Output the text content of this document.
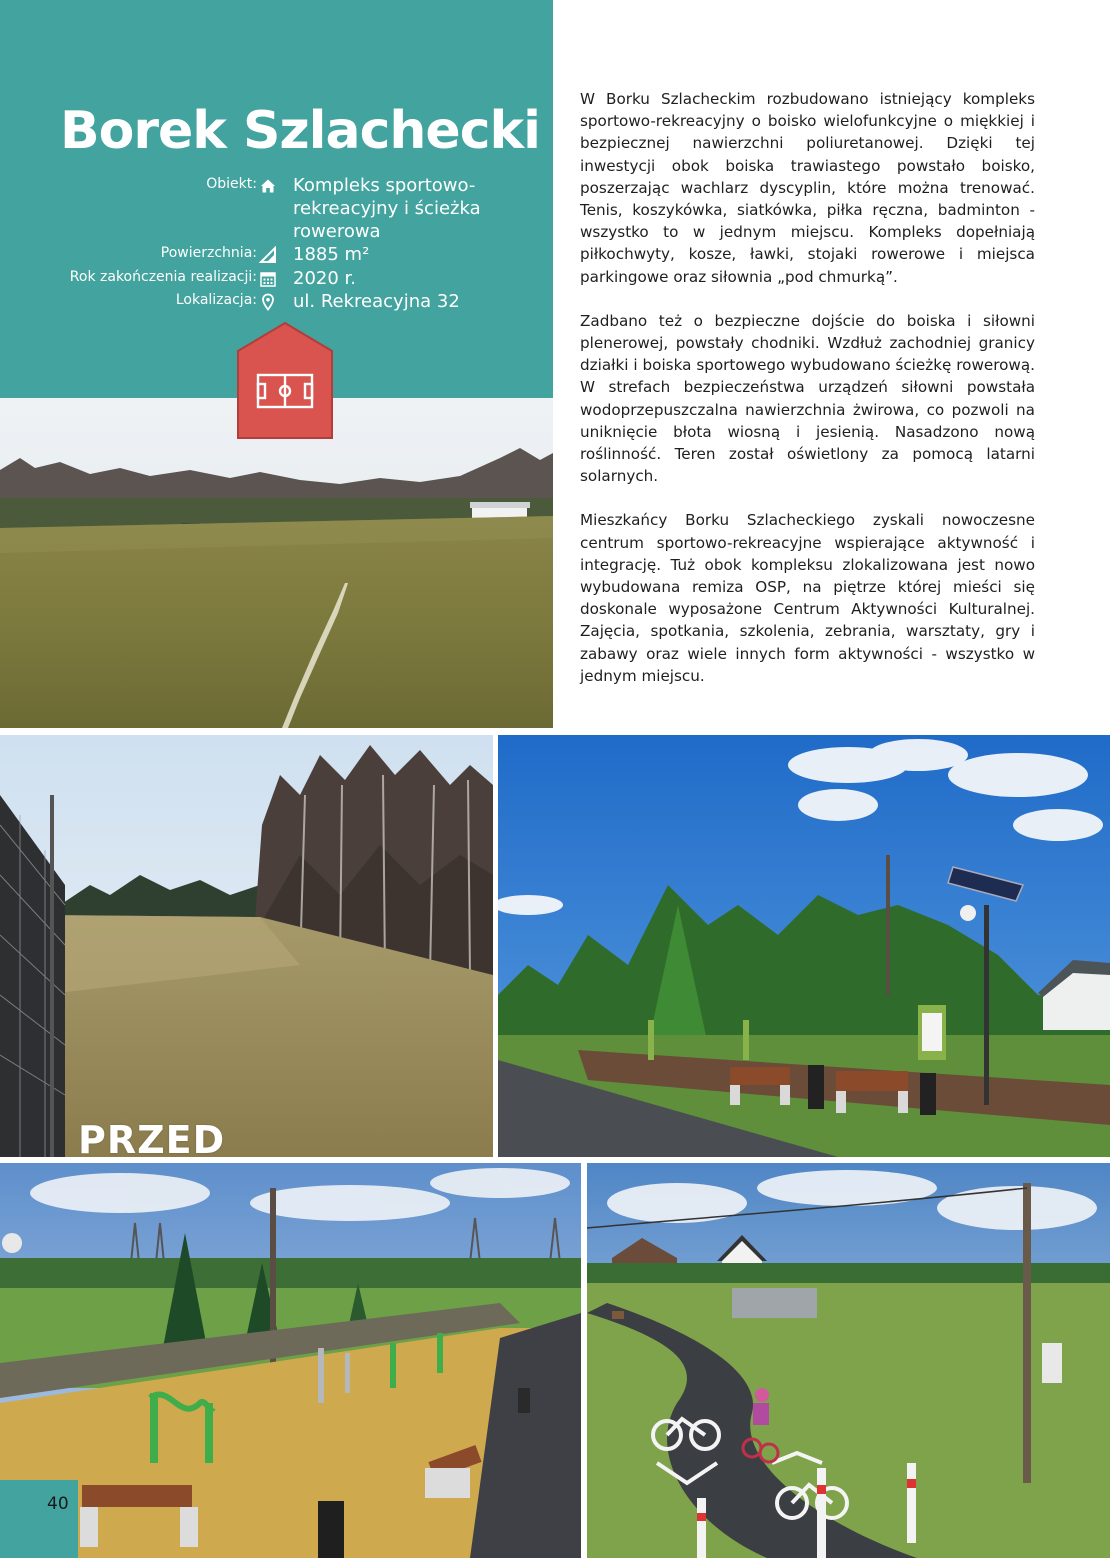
Borek Szlachecki
Obiekt: Kompleks sportowo-rekreacyjny i ścieżka rowerowa
Powierzchnia: 1885 m²
Rok zakończenia realizacji: 2020 r.
Lokalizacja: ul. Rekreacyjna 32

W Borku Szlacheckim rozbudowano istniejący kompleks sportowo-rekreacyjny o boisko wielofunkcyjne o miękkiej i bezpiecznej nawierzchni poliuretanowej. Dzięki tej inwestycji obok boiska trawiastego powstało boisko, poszerzając wachlarz dyscyplin, które można trenować. Tenis, koszykówka, siatkówka, piłka ręczna, badminton - wszystko to w jednym miejscu. Kompleks dopełniają piłkochwyty, kosze, ławki, stojaki rowerowe i miejsca parkingowe oraz siłownia „pod chmurką”.

Zadbano też o bezpieczne dojście do boiska i siłowni plenerowej, powstały chodniki. Wzdłuż zachodniej granicy działki i boiska sportowego wybudowano ścieżkę rowerową. W strefach bezpieczeństwa urządzeń siłowni powstała wodoprzepuszczalna nawierzchnia żwirowa, co pozwoli na uniknięcie błota wiosną i jesienią. Nasadzono nową roślinność. Teren został oświetlony za pomocą latarni solarnych.

Mieszkańcy Borku Szlacheckiego zyskali nowoczesne centrum sportowo-rekreacyjne wspierające aktywność i integrację. Tuż obok kompleksu zlokalizowana jest nowo wybudowana remiza OSP, na piętrze której mieści się doskonale wyposażone Centrum Aktywności Kulturalnej. Zajęcia, spotkania, szkolenia, zebrania, warsztaty, gry i zabawy oraz wiele innych form aktywności - wszystko w jednym miejscu.

PRZED
40
